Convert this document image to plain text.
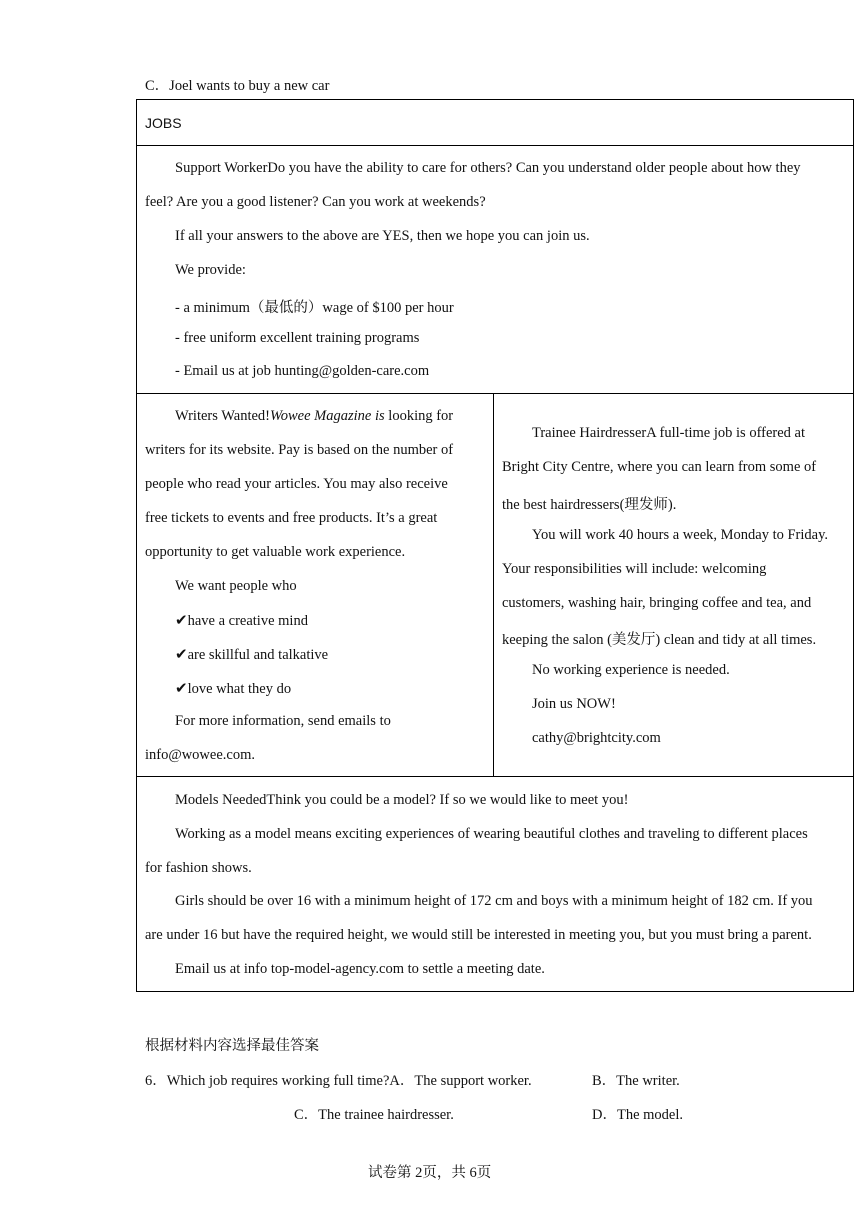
C．Joel wants to buy a new car
JOBS
Support WorkerDo you have the ability to care for others? Can you understand older people about how they
feel? Are you a good listener? Can you work at weekends?
If all your answers to the above are YES, then we hope you can join us.
We provide:
- a minimum（最低的）wage of $100 per hour
- free uniform excellent training programs
- Email us at job hunting@golden-care.com
Writers Wanted!Wowee Magazine is looking for
writers for its website. Pay is based on the number of
people who read your articles. You may also receive
free tickets to events and free products. It’s a great
opportunity to get valuable work experience.
We want people who
✔have a creative mind
✔are skillful and talkative
✔love what they do
For more information, send emails to
info@wowee.com.
Trainee HairdresserA full-time job is offered at
Bright City Centre, where you can learn from some of
the best hairdressers(理发师).
You will work 40 hours a week, Monday to Friday.
Your responsibilities will include: welcoming
customers, washing hair, bringing coffee and tea, and
keeping the salon (美发厅) clean and tidy at all times.
No working experience is needed.
Join us NOW!
cathy@brightcity.com
Models NeededThink you could be a model? If so we would like to meet you!
Working as a model means exciting experiences of wearing beautiful clothes and traveling to different places
for fashion shows.
Girls should be over 16 with a minimum height of 172 cm and boys with a minimum height of 182 cm. If you
are under 16 but have the required height, we would still be interested in meeting you, but you must bring a parent.
Email us at info top-model-agency.com to settle a meeting date.
根据材料内容选择最佳答案
6．Which job requires working full time?A．The support worker.	B．The writer.
C．The trainee hairdresser.	D．The model.
试卷第 2页，共 6页
